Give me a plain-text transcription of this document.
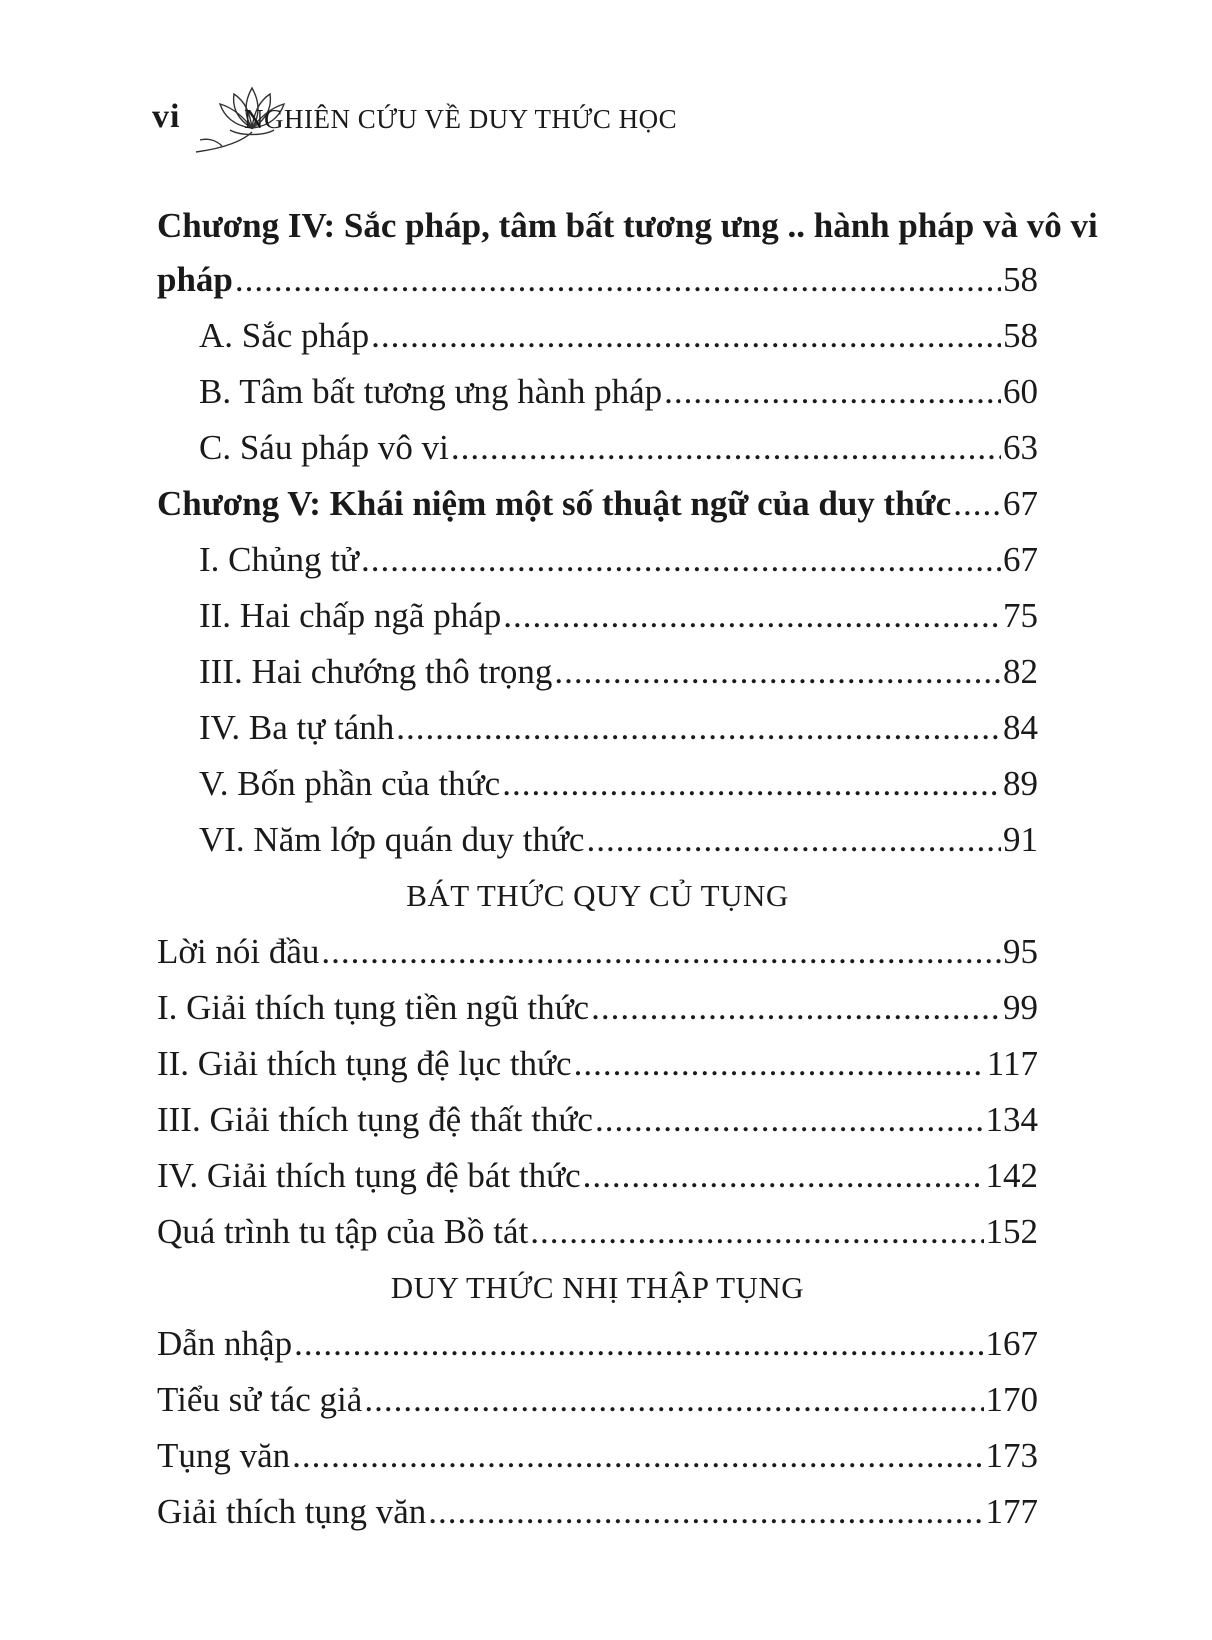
vi NGHIÊN CỨU VỀ DUY THỨC HỌC
Chương IV: Sắc pháp, tâm bất tương ưng .. hành pháp và vô vi
pháp .....	58
A. Sắc pháp .....	58
B. Tâm bất tương ưng hành pháp .....	60
C. Sáu pháp vô vi .....	63
Chương V: Khái niệm một số thuật ngữ của duy thức ..... 67
I. Chủng tử .....	67
II. Hai chấp ngã pháp .....	75
III. Hai chướng thô trọng .....	82
IV. Ba tự tánh .....	84
V. Bốn phần của thức .....	89
VI. Năm lớp quán duy thức .....	91
BÁT THỨC QUY CỦ TỤNG
Lời nói đầu .....	95
I. Giải thích tụng tiền ngũ thức .....	99
II. Giải thích tụng đệ lục thức .....	117
III. Giải thích tụng đệ thất thức .....	134
IV. Giải thích tụng đệ bát thức .....	142
Quá trình tu tập của Bồ tát .....	152
DUY THỨC NHỊ THẬP TỤNG
Dẫn nhập .....	167
Tiểu sử tác giả .....	170
Tụng văn .....	173
Giải thích tụng văn .....	177
